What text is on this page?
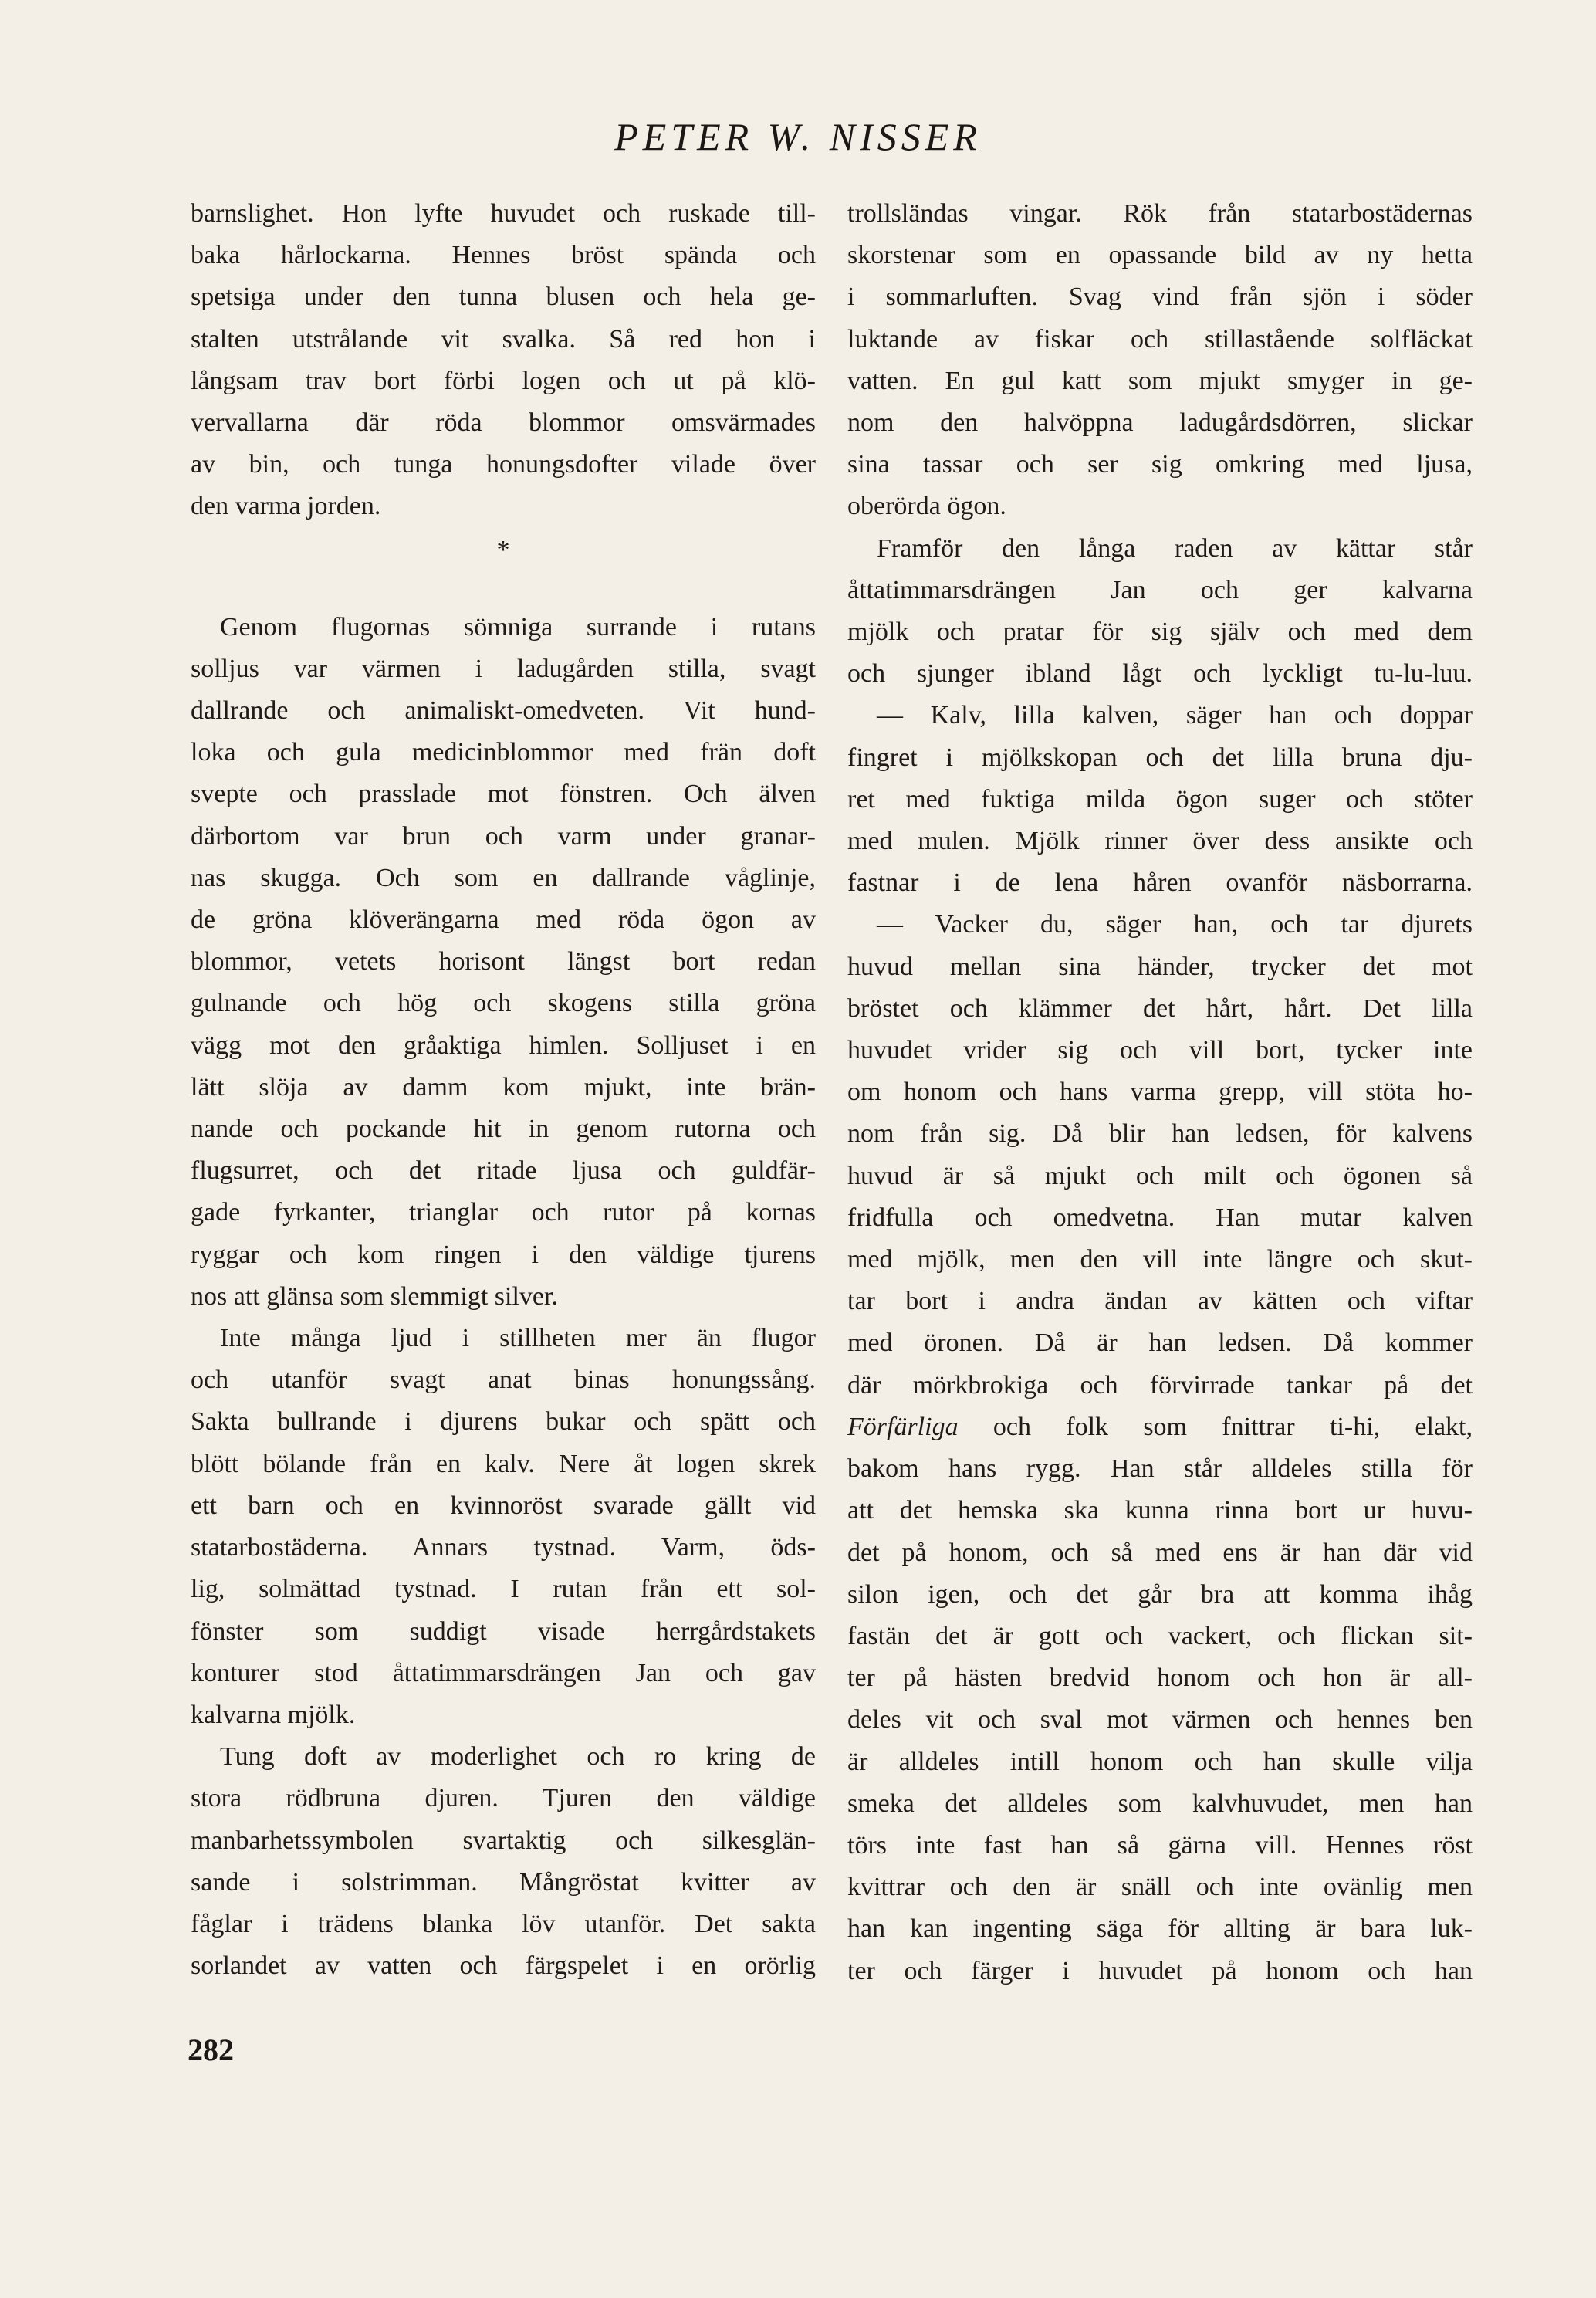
PETER W. NISSER
barnslighet. Hon lyfte huvudet och ruskade till-
baka hårlockarna. Hennes bröst spända och
spetsiga under den tunna blusen och hela ge-
stalten utstrålande vit svalka. Så red hon i
långsam trav bort förbi logen och ut på klö-
vervallarna där röda blommor omsvärmades
av bin, och tunga honungsdofter vilade över
den varma jorden.
*
Genom flugornas sömniga surrande i rutans
solljus var värmen i ladugården stilla, svagt
dallrande och animaliskt-omedveten. Vit hund-
loka och gula medicinblommor med frän doft
svepte och prasslade mot fönstren. Och älven
därbortom var brun och varm under granar-
nas skugga. Och som en dallrande våglinje,
de gröna klöverängarna med röda ögon av
blommor, vetets horisont längst bort redan
gulnande och hög och skogens stilla gröna
vägg mot den gråaktiga himlen. Solljuset i en
lätt slöja av damm kom mjukt, inte brän-
nande och pockande hit in genom rutorna och
flugsurret, och det ritade ljusa och guldfär-
gade fyrkanter, trianglar och rutor på kornas
ryggar och kom ringen i den väldige tjurens
nos att glänsa som slemmigt silver.
Inte många ljud i stillheten mer än flugor
och utanför svagt anat binas honungssång.
Sakta bullrande i djurens bukar och spätt och
blött bölande från en kalv. Nere åt logen skrek
ett barn och en kvinnoröst svarade gällt vid
statarbostäderna. Annars tystnad. Varm, öds-
lig, solmättad tystnad. I rutan från ett sol-
fönster som suddigt visade herrgårdstakets
konturer stod åttatimmarsdrängen Jan och gav
kalvarna mjölk.
Tung doft av moderlighet och ro kring de
stora rödbruna djuren. Tjuren den väldige
manbarhetssymbolen svartaktig och silkesglän-
sande i solstrimman. Mångröstat kvitter av
fåglar i trädens blanka löv utanför. Det sakta
sorlandet av vatten och färgspelet i en orörlig
trollsländas vingar. Rök från statarbostädernas
skorstenar som en opassande bild av ny hetta
i sommarluften. Svag vind från sjön i söder
luktande av fiskar och stillastående solfläckat
vatten. En gul katt som mjukt smyger in ge-
nom den halvöppna ladugårdsdörren, slickar
sina tassar och ser sig omkring med ljusa,
oberörda ögon.
Framför den långa raden av kättar står
åttatimmarsdrängen Jan och ger kalvarna
mjölk och pratar för sig själv och med dem
och sjunger ibland lågt och lyckligt tu-lu-luu.
— Kalv, lilla kalven, säger han och doppar
fingret i mjölkskopan och det lilla bruna dju-
ret med fuktiga milda ögon suger och stöter
med mulen. Mjölk rinner över dess ansikte och
fastnar i de lena håren ovanför näsborrarna.
— Vacker du, säger han, och tar djurets
huvud mellan sina händer, trycker det mot
bröstet och klämmer det hårt, hårt. Det lilla
huvudet vrider sig och vill bort, tycker inte
om honom och hans varma grepp, vill stöta ho-
nom från sig. Då blir han ledsen, för kalvens
huvud är så mjukt och milt och ögonen så
fridfulla och omedvetna. Han mutar kalven
med mjölk, men den vill inte längre och skut-
tar bort i andra ändan av kätten och viftar
med öronen. Då är han ledsen. Då kommer
där mörkbrokiga och förvirrade tankar på det
Förfärliga och folk som fnittrar ti-hi, elakt,
bakom hans rygg. Han står alldeles stilla för
att det hemska ska kunna rinna bort ur huvu-
det på honom, och så med ens är han där vid
silon igen, och det går bra att komma ihåg
fastän det är gott och vackert, och flickan sit-
ter på hästen bredvid honom och hon är all-
deles vit och sval mot värmen och hennes ben
är alldeles intill honom och han skulle vilja
smeka det alldeles som kalvhuvudet, men han
törs inte fast han så gärna vill. Hennes röst
kvittrar och den är snäll och inte ovänlig men
han kan ingenting säga för allting är bara luk-
ter och färger i huvudet på honom och han
282
